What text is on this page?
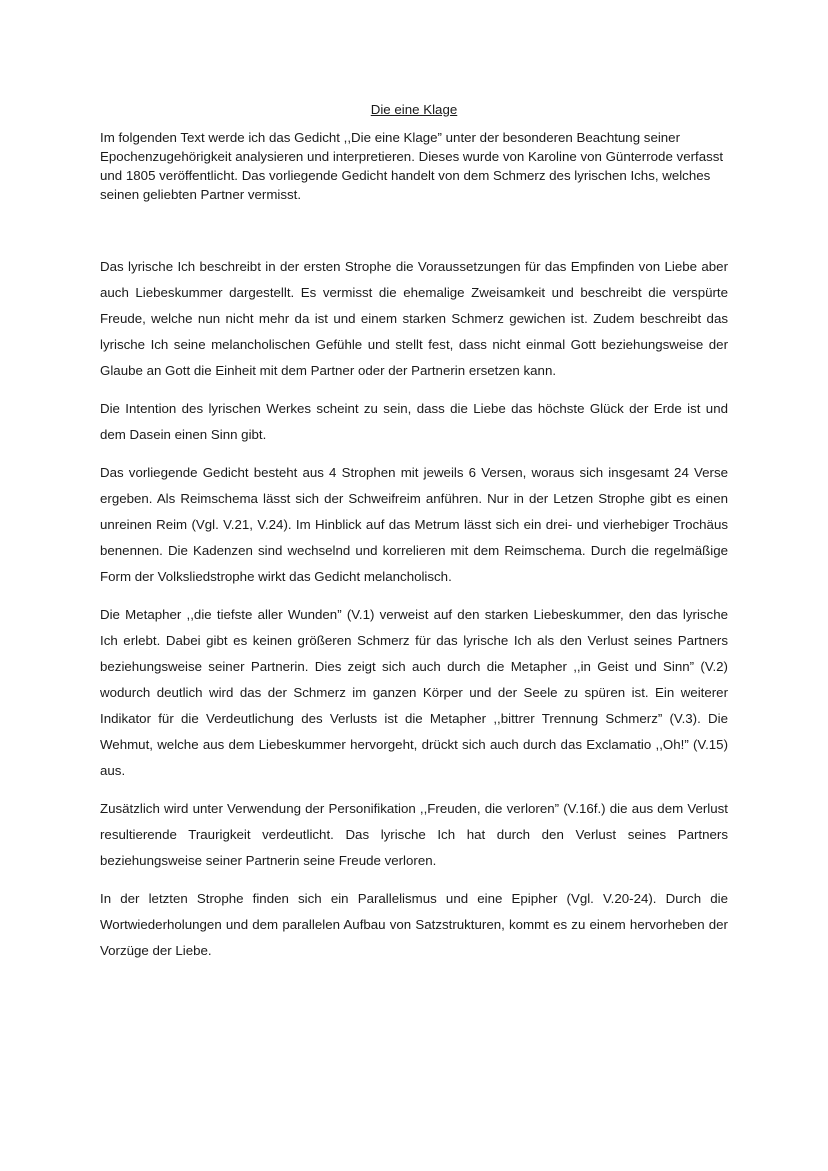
Die eine Klage

Im folgenden Text werde ich das Gedicht ,,Die eine Klage” unter der besonderen Beachtung seiner Epochenzugehörigkeit analysieren und interpretieren. Dieses wurde von Karoline von Günterrode verfasst und 1805 veröffentlicht. Das vorliegende Gedicht handelt von dem Schmerz des lyrischen Ichs, welches seinen geliebten Partner vermisst.

Das lyrische Ich beschreibt in der ersten Strophe die Voraussetzungen für das Empfinden von Liebe aber auch Liebeskummer dargestellt. Es vermisst die ehemalige Zweisamkeit und beschreibt die verspürte Freude, welche nun nicht mehr da ist und einem starken Schmerz gewichen ist. Zudem beschreibt das lyrische Ich seine melancholischen Gefühle und stellt fest, dass nicht einmal Gott beziehungsweise der Glaube an Gott die Einheit mit dem Partner oder der Partnerin ersetzen kann.

Die Intention des lyrischen Werkes scheint zu sein, dass die Liebe das höchste Glück der Erde ist und dem Dasein einen Sinn gibt.

Das vorliegende Gedicht besteht aus 4 Strophen mit jeweils 6 Versen, woraus sich insgesamt 24 Verse ergeben. Als Reimschema lässt sich der Schweifreim anführen. Nur in der Letzen Strophe gibt es einen unreinen Reim (Vgl. V.21, V.24). Im Hinblick auf das Metrum lässt sich ein drei- und vierhebiger Trochäus benennen. Die Kadenzen sind wechselnd und korrelieren mit dem Reimschema. Durch die regelmäßige Form der Volksliedstrophe wirkt das Gedicht melancholisch.

Die Metapher ,,die tiefste aller Wunden” (V.1) verweist auf den starken Liebeskummer, den das lyrische Ich erlebt. Dabei gibt es keinen größeren Schmerz für das lyrische Ich als den Verlust seines Partners beziehungsweise seiner Partnerin. Dies zeigt sich auch durch die Metapher ,,in Geist und Sinn” (V.2) wodurch deutlich wird das der Schmerz im ganzen Körper und der Seele zu spüren ist. Ein weiterer Indikator für die Verdeutlichung des Verlusts ist die Metapher ,,bittrer Trennung Schmerz” (V.3). Die Wehmut, welche aus dem Liebeskummer hervorgeht, drückt sich auch durch das Exclamatio ,,Oh!” (V.15) aus.

Zusätzlich wird unter Verwendung der Personifikation ,,Freuden, die verloren” (V.16f.) die aus dem Verlust resultierende Traurigkeit verdeutlicht. Das lyrische Ich hat durch den Verlust seines Partners beziehungsweise seiner Partnerin seine Freude verloren.

In der letzten Strophe finden sich ein Parallelismus und eine Epipher (Vgl. V.20-24). Durch die Wortwiederholungen und dem parallelen Aufbau von Satzstrukturen, kommt es zu einem hervorheben der Vorzüge der Liebe.
